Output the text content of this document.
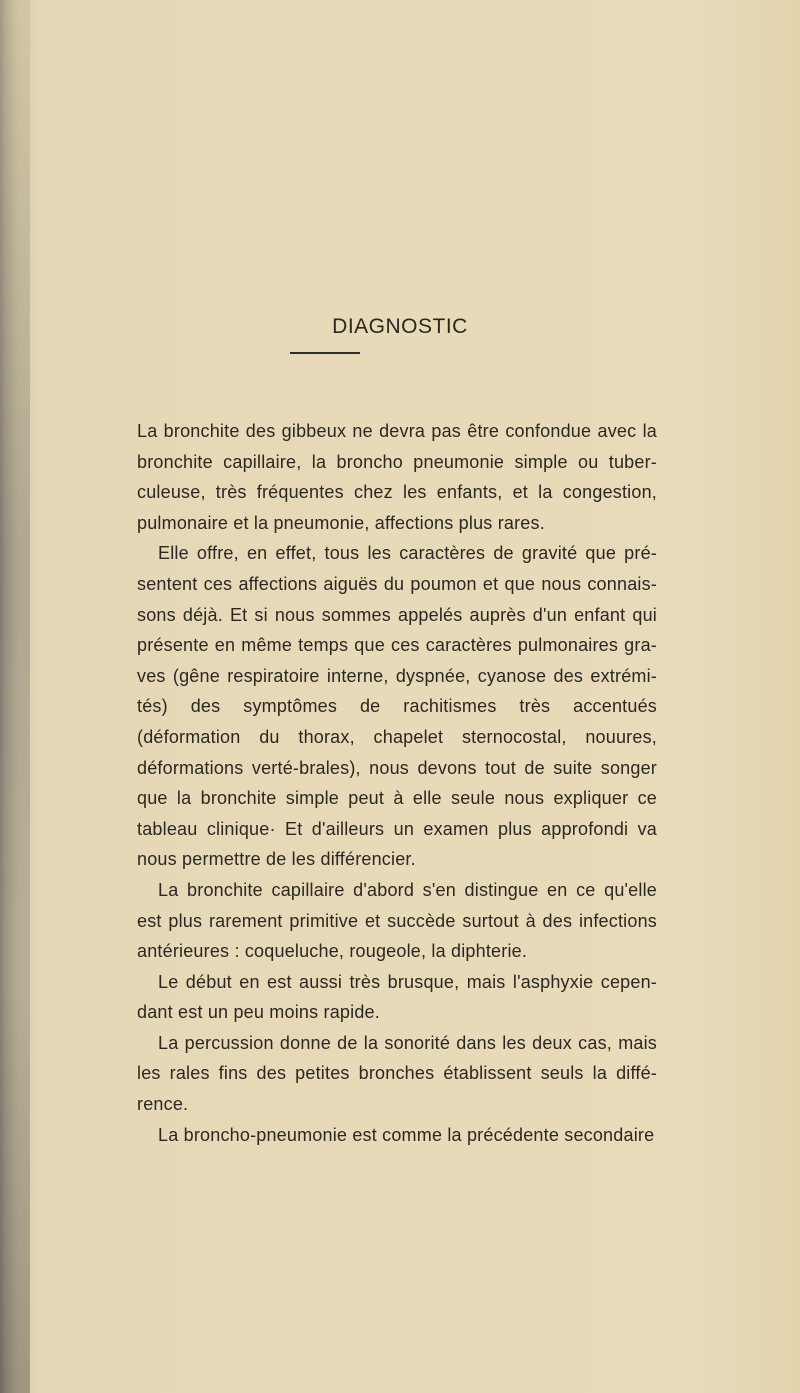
DIAGNOSTIC

La bronchite des gibbeux ne devra pas être confondue avec la bronchite capillaire, la broncho pneumonie simple ou tuber-culeuse, très fréquentes chez les enfants, et la congestion, pulmonaire et la pneumonie, affections plus rares.

Elle offre, en effet, tous les caractères de gravité que pré-sentent ces affections aiguës du poumon et que nous connais-sons déjà. Et si nous sommes appelés auprès d'un enfant qui présente en même temps que ces caractères pulmonaires gra-ves (gêne respiratoire interne, dyspnée, cyanose des extrémi-tés) des symptômes de rachitismes très accentués (déformation du thorax, chapelet sternocostal, nouures, déformations verté-brales), nous devons tout de suite songer que la bronchite simple peut à elle seule nous expliquer ce tableau clinique· Et d'ailleurs un examen plus approfondi va nous permettre de les différencier.

La bronchite capillaire d'abord s'en distingue en ce qu'elle est plus rarement primitive et succède surtout à des infections antérieures : coqueluche, rougeole, la diphterie.

Le début en est aussi très brusque, mais l'asphyxie cepen-dant est un peu moins rapide.

La percussion donne de la sonorité dans les deux cas, mais les rales fins des petites bronches établissent seuls la diffé-rence.

La broncho-pneumonie est comme la précédente secondaire
